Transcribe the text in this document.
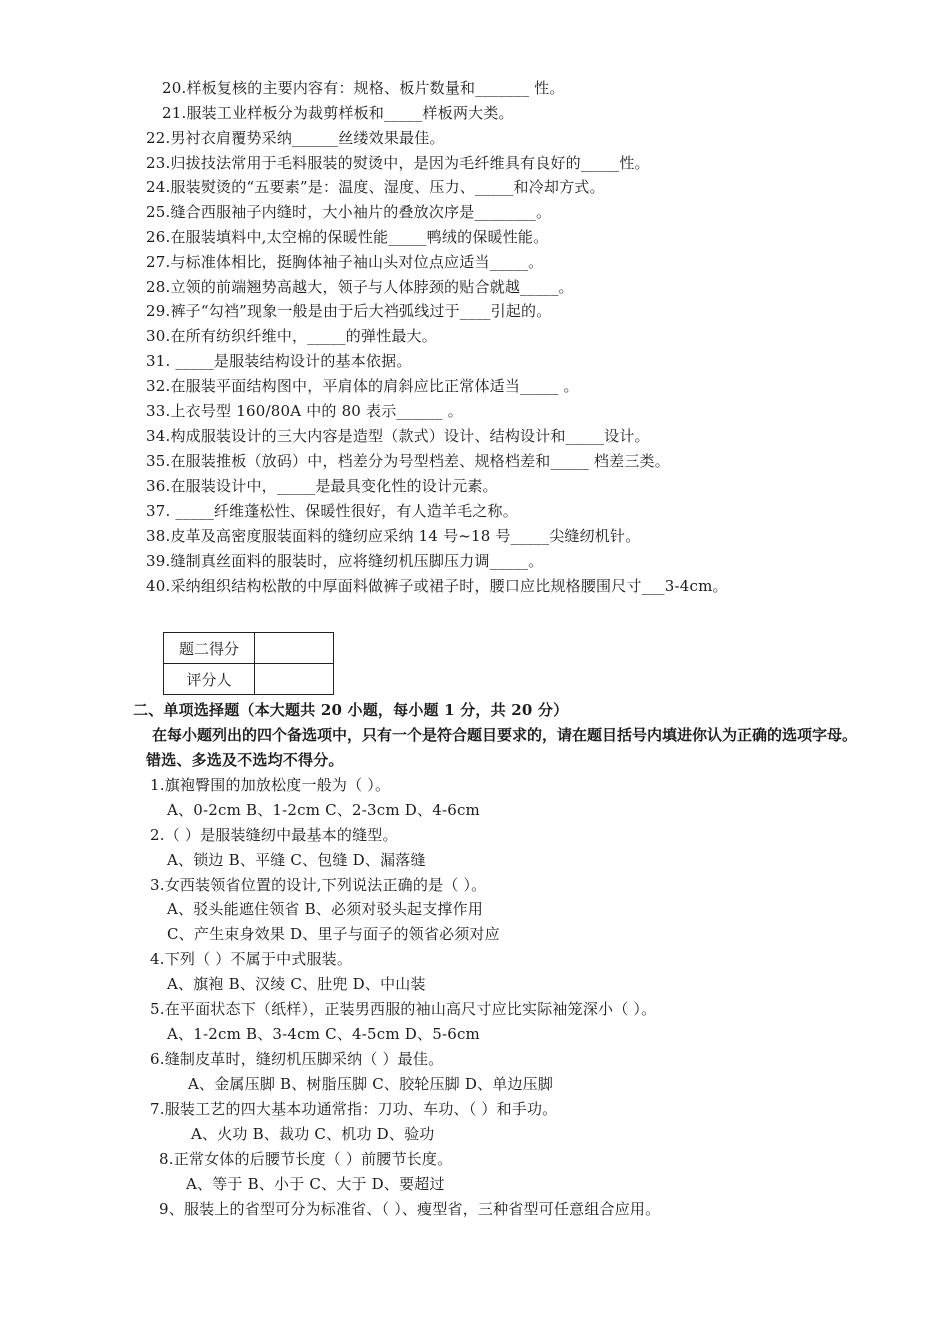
20.样板复核的主要内容有：规格、板片数量和_______ 性。
21.服装工业样板分为裁剪样板和_____样板两大类。
22.男衬衣肩覆势采纳______丝缕效果最佳。
23.归拔技法常用于毛料服装的熨烫中，是因为毛纤维具有良好的_____性。
24.服装熨烫的“五要素”是：温度、湿度、压力、_____和冷却方式。
25.缝合西服袖子内缝时，大小袖片的叠放次序是________。
26.在服装填料中,太空棉的保暖性能_____鸭绒的保暖性能。
27.与标准体相比，挺胸体袖子袖山头对位点应适当_____。
28.立领的前端翘势高越大，领子与人体脖颈的贴合就越_____。
29.裤子“勾裆”现象一般是由于后大裆弧线过于____引起的。
30.在所有纺织纤维中，_____的弹性最大。
31. _____是服装结构设计的基本依据。
32.在服装平面结构图中，平肩体的肩斜应比正常体适当_____ 。
33.上衣号型 160/80A 中的 80 表示______ 。
34.构成服装设计的三大内容是造型（款式）设计、结构设计和_____设计。
35.在服装推板（放码）中，档差分为号型档差、规格档差和_____ 档差三类。
36.在服装设计中，_____是最具变化性的设计元素。
37. _____纤维蓬松性、保暖性很好，有人造羊毛之称。
38.皮革及高密度服装面料的缝纫应采纳 14 号~18 号_____尖缝纫机针。
39.缝制真丝面料的服装时，应将缝纫机压脚压力调_____。
40.采纳组织结构松散的中厚面料做裤子或裙子时，腰口应比规格腰围尺寸___3-4cm。
题二得分	
评分人	
二、单项选择题（本大题共 20 小题，每小题 1 分，共 20 分）
在每小题列出的四个备选项中，只有一个是符合题目要求的，请在题目括号内填进你认为正确的选项字母。
错选、多选及不选均不得分。
1.旗袍臀围的加放松度一般为（ ）。
A、0-2cm B、1-2cm C、2-3cm D、4-6cm
2.（ ）是服装缝纫中最基本的缝型。
A、锁边 B、平缝 C、包缝 D、漏落缝
3.女西装领省位置的设计,下列说法正确的是（ ）。
A、驳头能遮住领省 B、必须对驳头起支撑作用
C、产生束身效果 D、里子与面子的领省必须对应
4.下列（ ）不属于中式服装。
A、旗袍 B、汉绫 C、肚兜 D、中山装
5.在平面状态下（纸样），正装男西服的袖山高尺寸应比实际袖笼深小（ ）。
A、1-2cm B、3-4cm C、4-5cm D、5-6cm
6.缝制皮革时，缝纫机压脚采纳（ ）最佳。
A、金属压脚 B、树脂压脚 C、胶轮压脚 D、单边压脚
7.服装工艺的四大基本功通常指：刀功、车功、（ ）和手功。
A、火功 B、裁功 C、机功 D、验功
8.正常女体的后腰节长度（ ）前腰节长度。
A、等于 B、小于 C、大于 D、要超过
9、服装上的省型可分为标准省、（ ）、瘦型省，三种省型可任意组合应用。
